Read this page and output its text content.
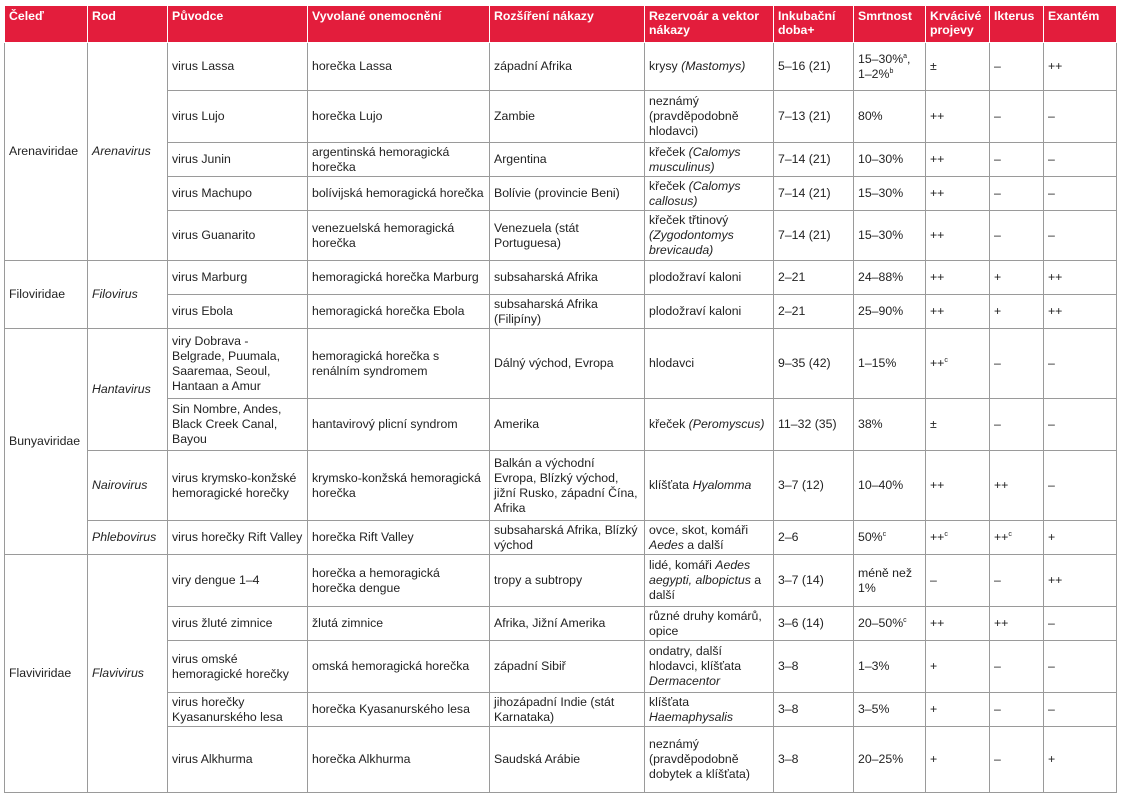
Čeleď	Rod	Původce	Vyvolané onemocnění	Rozšíření nákazy	Rezervoár a vektor nákazy	Inkubační doba+	Smrtnost	Krvácivé projevy	Ikterus	Exantém
Arenaviridae	Arenavirus	virus Lassa	horečka Lassa	západní Afrika	krysy (Mastomys)	5–16 (21)	15–30%$^a$, 1–2%$^b$	±	–	++
		virus Lujo	horečka Lujo	Zambie	neznámý (pravděpodobně hlodavci)	7–13 (21)	80%	++	–	–
		virus Junin	argentinská hemoragická horečka	Argentina	křeček (Calomys musculinus)	7–14 (21)	10–30%	++	–	–
		virus Machupo	bolívijská hemoragická horečka	Bolívie (provincie Beni)	křeček (Calomys callosus)	7–14 (21)	15–30%	++	–	–
		virus Guanarito	venezuelská hemoragická horečka	Venezuela (stát Portuguesa)	křeček třtinový (Zygodontomys brevicauda)	7–14 (21)	15–30%	++	–	–
Filoviridae	Filovirus	virus Marburg	hemoragická horečka Marburg	subsaharská Afrika	plodožraví kaloni	2–21	24–88%	++	+	++
		virus Ebola	hemoragická horečka Ebola	subsaharská Afrika (Filipíny)	plodožraví kaloni	2–21	25–90%	++	+	++
Bunyaviridae	Hantavirus	viry Dobrava - Belgrade, Puumala, Saaremaa, Seoul, Hantaan a Amur	hemoragická horečka s renálním syndromem	Dálný východ, Evropa	hlodavci	9–35 (42)	1–15%	++$^c$	–	–
		Sin Nombre, Andes, Black Creek Canal, Bayou	hantavirový plicní syndrom	Amerika	křeček (Peromyscus)	11–32 (35)	38%	±	–	–
	Nairovirus	virus krymsko-konžské hemoragické horečky	krymsko-konžská hemoragická horečka	Balkán a východní Evropa, Blízký východ, jižní Rusko, západní Čína, Afrika	klíšťata Hyalomma	3–7 (12)	10–40%	++	++	–
	Phlebovirus	virus horečky Rift Valley	horečka Rift Valley	subsaharská Afrika, Blízký východ	ovce, skot, komáři Aedes a další	2–6	50%$^c$	++$^c$	++$^c$	+
Flaviviridae	Flavivirus	viry dengue 1–4	horečka a hemoragická horečka dengue	tropy a subtropy	lidé, komáři Aedes aegypti, albopictus a další	3–7 (14)	méně než 1%	–	–	++
		virus žluté zimnice	žlutá zimnice	Afrika, Jižní Amerika	různé druhy komárů, opice	3–6 (14)	20–50%$^c$	++	++	–
		virus omské hemoragické horečky	omská hemoragická horečka	západní Sibiř	ondatry, další hlodavci, klíšťata Dermacentor	3–8	1–3%	+	–	–
		virus horečky Kyasanurského lesa	horečka Kyasanurského lesa	jihozápadní Indie (stát Karnataka)	klíšťata Haemaphysalis	3–8	3–5%	+	–	–
		virus Alkhurma	horečka Alkhurma	Saudská Arábie	neznámý (pravděpodobně dobytek a klíšťata)	3–8	20–25%	+	–	+
